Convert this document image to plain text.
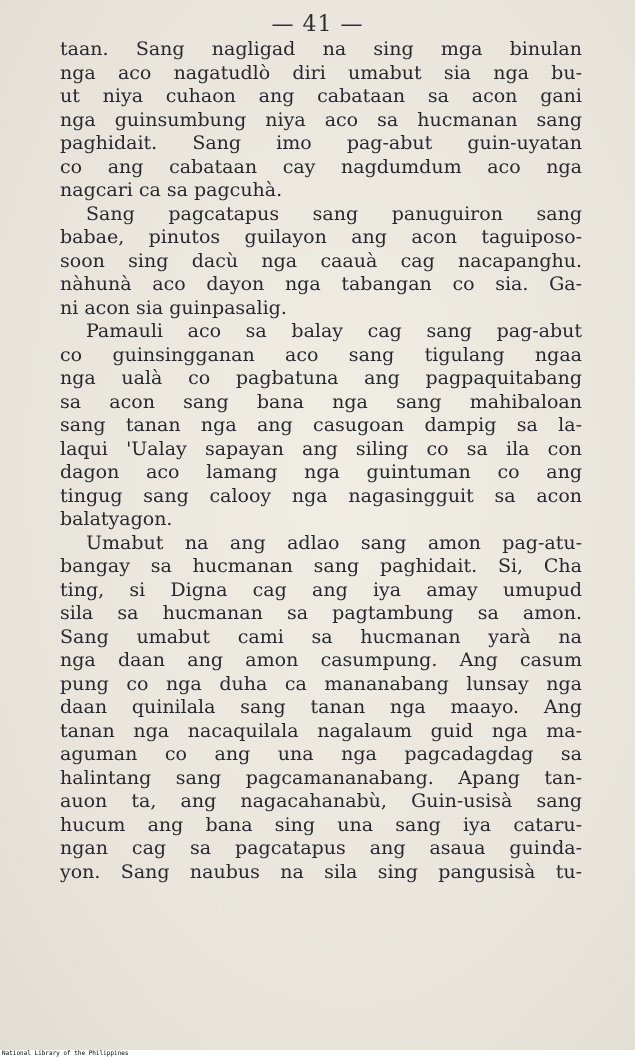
— 41 —
taan. Sang nagligad na sing mga binulan
nga aco nagatudlò diri umabut sia nga bu-
ut niya cuhaon ang cabataan sa acon gani
nga guinsumbung niya aco sa hucmanan sang
paghidait. Sang imo pag-abut guin-uyatan
co ang cabataan cay nagdumdum aco nga
nagcari ca sa pagcuhà.
Sang pagcatapus sang panuguiron sang
babae, pinutos guilayon ang acon taguiposo-
soon sing dacù nga caauà cag nacapanghu.
nàhunà aco dayon nga tabangan co sia. Ga-
ni acon sia guinpasalig.
Pamauli aco sa balay cag sang pag-abut
co guinsingganan aco sang tigulang ngaa
nga ualà co pagbatuna ang pagpaquitabang
sa acon sang bana nga sang mahibaloan
sang tanan nga ang casugoan dampig sa la-
laqui 'Ualay sapayan ang siling co sa ila con
dagon aco lamang nga guintuman co ang
tingug sang calooy nga nagasingguit sa acon
balatyagon.
Umabut na ang adlao sang amon pag-atu-
bangay sa hucmanan sang paghidait. Si, Cha
ting, si Digna cag ang iya amay umupud
sila sa hucmanan sa pagtambung sa amon.
Sang umabut cami sa hucmanan yarà na
nga daan ang amon casumpung. Ang casum
pung co nga duha ca mananabang lunsay nga
daan quinilala sang tanan nga maayo. Ang
tanan nga nacaquilala nagalaum guid nga ma-
aguman co ang una nga pagcadagdag sa
halintang sang pagcamananabang. Apang tan-
auon ta, ang nagacahanabù, Guin-usisà sang
hucum ang bana sing una sang iya cataru-
ngan cag sa pagcatapus ang asaua guinda-
yon. Sang naubus na sila sing pangusisà tu-
National Library of the Philippines
